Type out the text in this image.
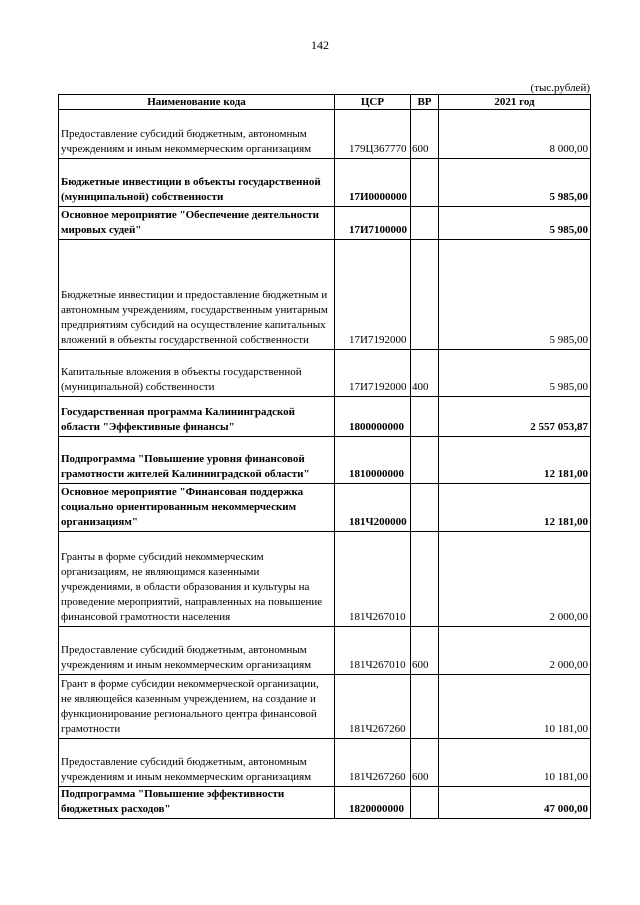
142
(тыс.рублей)
Наименование кода	ЦСР	ВР	2021 год
Предоставление субсидий бюджетным, автономным учреждениям и иным некоммерческим организациям	179Ц367770	600	8 000,00
Бюджетные инвестиции в объекты государственной (муниципальной) собственности	17И0000000		5 985,00
Основное мероприятие "Обеспечение деятельности мировых судей"	17И7100000		5 985,00
Бюджетные инвестиции и предоставление бюджетным и автономным учреждениям, государственным унитарным предприятиям субсидий на осуществление капитальных вложений в объекты государственной собственности	17И7192000		5 985,00
Капитальные вложения в объекты государственной (муниципальной) собственности	17И7192000	400	5 985,00
Государственная программа Калининградской области "Эффективные финансы"	1800000000		2 557 053,87
Подпрограмма "Повышение уровня финансовой грамотности жителей Калининградской области"	1810000000		12 181,00
Основное мероприятие "Финансовая поддержка социально ориентированным некоммерческим организациям"	181Ч200000		12 181,00
Гранты в форме субсидий некоммерческим организациям, не являющимся казенными учреждениями, в области образования и культуры на проведение мероприятий, направленных на повышение финансовой грамотности населения	181Ч267010		2 000,00
Предоставление субсидий бюджетным, автономным учреждениям и иным некоммерческим организациям	181Ч267010	600	2 000,00
Грант в форме субсидии некоммерческой организации, не являющейся казенным учреждением, на создание и функционирование регионального центра финансовой грамотности	181Ч267260		10 181,00
Предоставление субсидий бюджетным, автономным учреждениям и иным некоммерческим организациям	181Ч267260	600	10 181,00
Подпрограмма "Повышение эффективности бюджетных расходов"	1820000000		47 000,00
